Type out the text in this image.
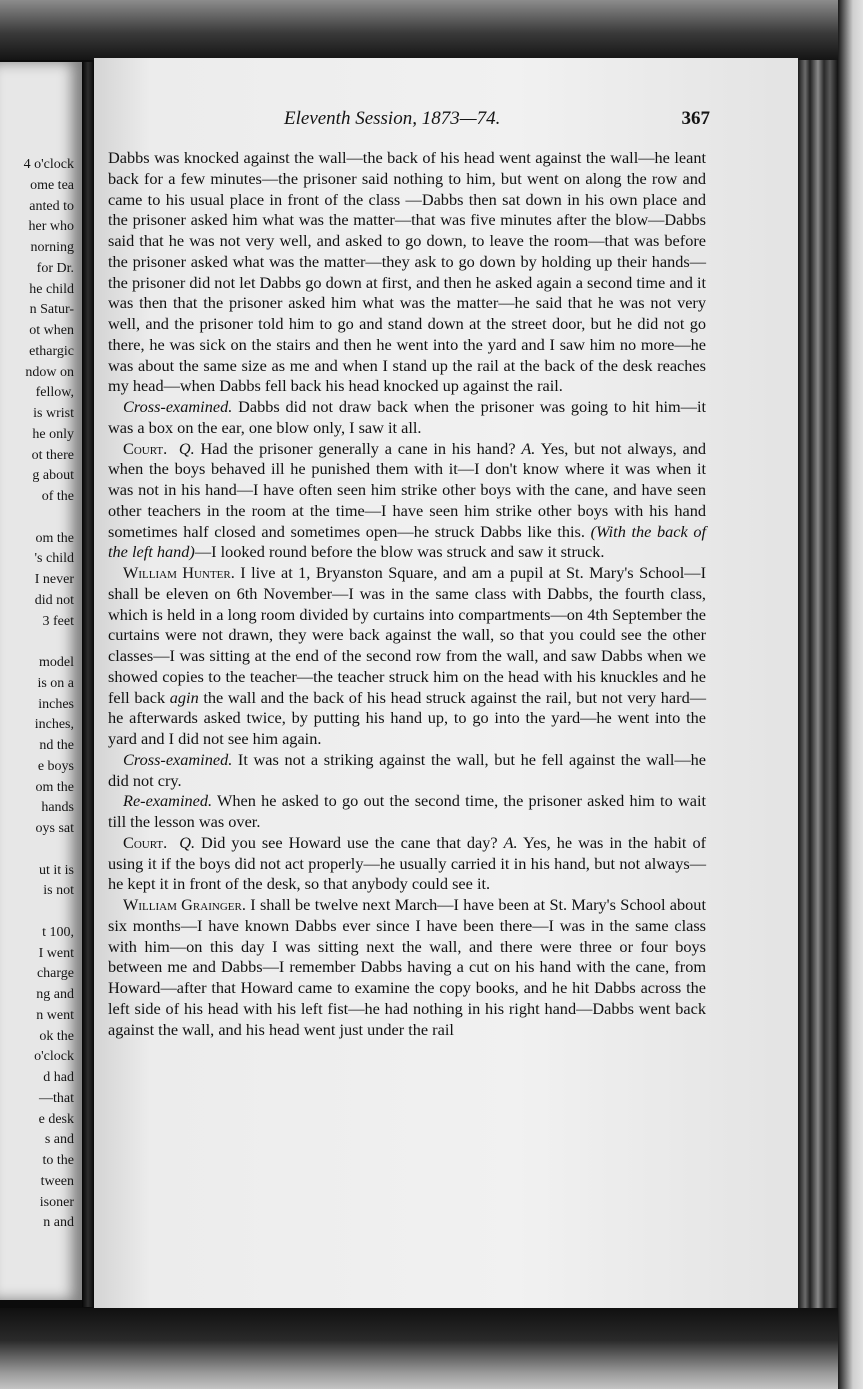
4 o'clock
ome tea
anted to
her who
norning
for Dr.
he child
n Satur-
ot when
ethargic
ndow on
fellow,
is wrist
he only
ot there
g about
of the
om the
's child
I never
did not
3 feet
model
is on a
inches
inches,
nd the
e boys
om the
hands
oys sat
ut it is
is not
t 100,
I went
charge
ng and
n went
ok the
o'clock
d had
—that
e desk
s and
to the
tween
isoner
n and
Eleventh Session, 1873—74.	367

Dabbs was knocked against the wall—the back of his head went against the wall—he leant back for a few minutes—the prisoner said nothing to him, but went on along the row and came to his usual place in front of the class —Dabbs then sat down in his own place and the prisoner asked him what was the matter—that was five minutes after the blow—Dabbs said that he was not very well, and asked to go down, to leave the room—that was before the prisoner asked what was the matter—they ask to go down by holding up their hands—the prisoner did not let Dabbs go down at first, and then he asked again a second time and it was then that the prisoner asked him what was the matter—he said that he was not very well, and the prisoner told him to go and stand down at the street door, but he did not go there, he was sick on the stairs and then he went into the yard and I saw him no more—he was about the same size as me and when I stand up the rail at the back of the desk reaches my head—when Dabbs fell back his head knocked up against the rail.

Cross-examined. Dabbs did not draw back when the prisoner was going to hit him—it was a box on the ear, one blow only, I saw it all.

Court. Q. Had the prisoner generally a cane in his hand? A. Yes, but not always, and when the boys behaved ill he punished them with it—I don't know where it was when it was not in his hand—I have often seen him strike other boys with the cane, and have seen other teachers in the room at the time—I have seen him strike other boys with his hand sometimes half closed and sometimes open—he struck Dabbs like this. (With the back of the left hand)—I looked round before the blow was struck and saw it struck.

William Hunter. I live at 1, Bryanston Square, and am a pupil at St. Mary's School—I shall be eleven on 6th November—I was in the same class with Dabbs, the fourth class, which is held in a long room divided by curtains into compartments—on 4th September the curtains were not drawn, they were back against the wall, so that you could see the other classes—I was sitting at the end of the second row from the wall, and saw Dabbs when we showed copies to the teacher—the teacher struck him on the head with his knuckles and he fell back agin the wall and the back of his head struck against the rail, but not very hard—he afterwards asked twice, by putting his hand up, to go into the yard—he went into the yard and I did not see him again.

Cross-examined. It was not a striking against the wall, but he fell against the wall—he did not cry.

Re-examined. When he asked to go out the second time, the prisoner asked him to wait till the lesson was over.

Court. Q. Did you see Howard use the cane that day? A. Yes, he was in the habit of using it if the boys did not act properly—he usually carried it in his hand, but not always—he kept it in front of the desk, so that anybody could see it.

William Grainger. I shall be twelve next March—I have been at St. Mary's School about six months—I have known Dabbs ever since I have been there—I was in the same class with him—on this day I was sitting next the wall, and there were three or four boys between me and Dabbs—I remember Dabbs having a cut on his hand with the cane, from Howard—after that Howard came to examine the copy books, and he hit Dabbs across the left side of his head with his left fist—he had nothing in his right hand—Dabbs went back against the wall, and his head went just under the rail
